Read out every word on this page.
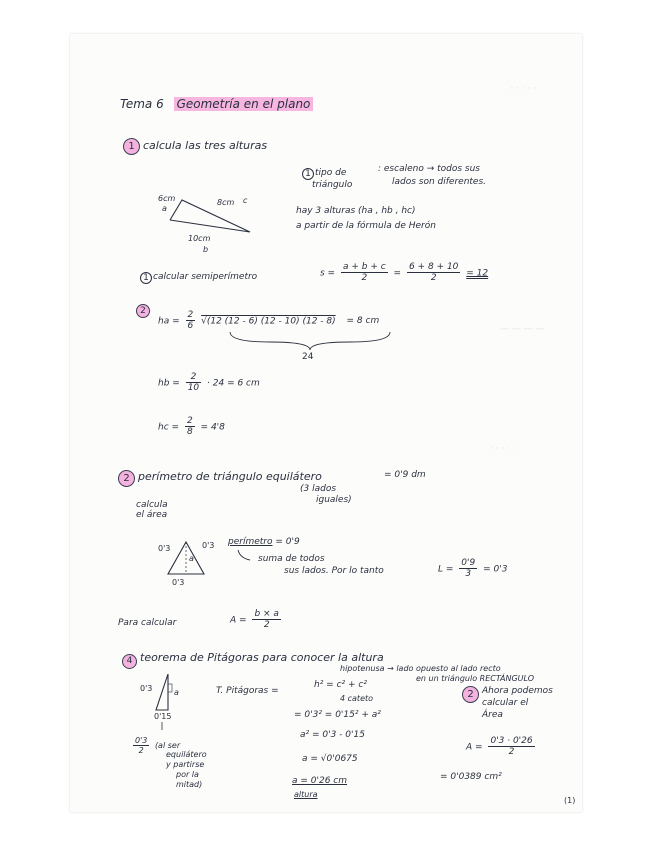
· · · · ·
— — — —
· · · · ·
Tema 6 Geometría en el plano
1 calcula las tres alturas
1 tipo de
triángulo
: escaleno → todos sus
lados son diferentes.
6cm
a
8cm c
10cm
b
hay 3 alturas (ha , hb , hc)
a partir de la fórmula de Herón
1 calcular semiperímetro	$s = \frac{a + b + c}{2} = \frac{6 + 8 + 10}{2} = 12$
2
ha = $\frac{2}{6} √(12$ (12 - 6) (12 - 10) (12 - 8) = 8 cm
24
hb = $\frac{2}{10} \cdot 24 = 6$ cm
hc = $\frac{2}{8} = 4'8$
2 perímetro de triángulo equilátero	= 0'9 dm
(3 lados
iguales)
calcula
el área
0'3	0'3
a
0'3
perímetro = 0'9
suma de todos
sus lados. Por lo tanto	$L = \frac{0'9}{3} = 0'3$
Para calcular	$A = \frac{b \times a}{2}$
4 teorema de Pitágoras para conocer la altura
hipotenusa → lado opuesto al lado recto
en un triángulo RECTÁNGULO
T. Pitágoras =
h² = c² + c²
4 cateto
0'3	a
0'15
$\frac{0'3}{2} (al$ ser
equilátero
y partirse
por la
mitad)
= 0'3² = 0'15² + a²
a² = 0'3 - 0'15
a = √0'0675
a = 0'26 cm
altura
2 Ahora podemos
calcular el
Área
$A = \frac{0'3 \cdot 0'26}{2}$
= 0'0389 cm²
(1)
